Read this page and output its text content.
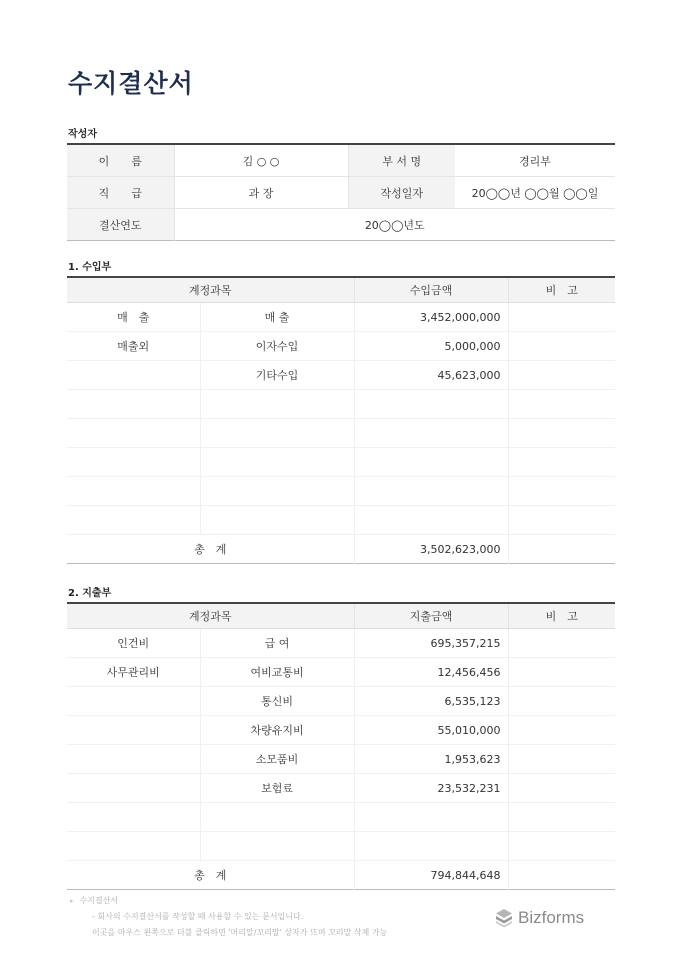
수지결산서
작성자
이　　름	김 ○ ○	부 서 명	경리부
직　　급	과 장	작성일자	20◯◯년 ◯◯월 ◯◯일
결산연도	20◯◯년도		
1. 수입부
계정과목		수입금액	비　고
매　출	매 출	3,452,000,000	
매출외	이자수입	5,000,000	
	기타수입	45,623,000	

총　계		3,502,623,000	
2. 지출부
계정과목		지출금액	비　고
인건비	급 여	695,357,215	
사무관리비	여비교통비	12,456,456	
	통신비	6,535,123	
	차량유지비	55,010,000	
	소모품비	1,953,623	
	보험료	23,532,231	

총　계		794,844,648	
▸ 수지결산서
- 회사의 수지결산서를 작성할 때 사용할 수 있는 문서입니다.
이곳을 마우스 왼쪽으로 더블 클릭하면 '머리말/꼬리말' 상자가 뜨며 꼬리말 삭제 가능
Bizforms
